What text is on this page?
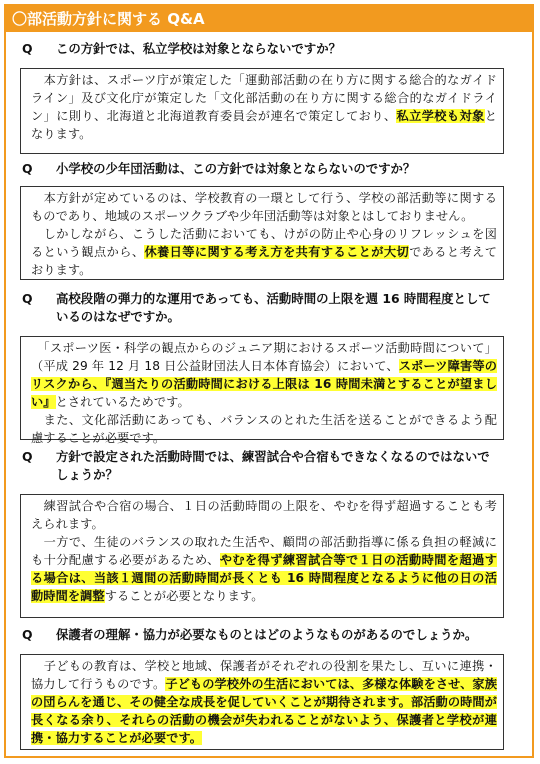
〇部活動方針に関する Q&A
Q	この方針では、私立学校は対象とならないですか？

　本方針は、スポーツ庁が策定した「運動部活動の在り方に関する総合的なガイドライン」及び文化庁が策定した「文化部活動の在り方に関する総合的なガイドライン」に則り、北海道と北海道教育委員会が連名で策定しており、私立学校も対象となります。

Q	小学校の少年団活動は、この方針では対象とならないのですか？

　本方針が定めているのは、学校教育の一環として行う、学校の部活動等に関するものであり、地域のスポーツクラブや少年団活動等は対象とはしておりません。

　しかしながら、こうした活動においても、けがの防止や心身のリフレッシュを図るという観点から、休養日等に関する考え方を共有することが大切であると考えております。

Q	高校段階の弾力的な運用であっても、活動時間の上限を週 16 時間程度としているのはなぜですか。

　「スポーツ医・科学の観点からのジュニア期におけるスポーツ活動時間について」（平成 29 年 12 月 18 日公益財団法人日本体育協会）において、スポーツ障害等のリスクから、『週当たりの活動時間における上限は 16 時間未満とすることが望ましい』とされているためです。

　また、文化部活動にあっても、バランスのとれた生活を送ることができるよう配慮することが必要です。

Q	方針で設定された活動時間では、練習試合や合宿もできなくなるのではないでしょうか？

　練習試合や合宿の場合、１日の活動時間の上限を、やむを得ず超過することも考えられます。

　一方で、生徒のバランスの取れた生活や、顧問の部活動指導に係る負担の軽減にも十分配慮する必要があるため、やむを得ず練習試合等で１日の活動時間を超過する場合は、当該１週間の活動時間が長くとも 16 時間程度となるように他の日の活動時間を調整することが必要となります。

Q	保護者の理解・協力が必要なものとはどのようなものがあるのでしょうか。

　子どもの教育は、学校と地域、保護者がそれぞれの役割を果たし、互いに連携・協力して行うものです。子どもの学校外の生活においては、多様な体験をさせ、家族の団らんを通じ、その健全な成長を促していくことが期待されます。部活動の時間が長くなる余り、それらの活動の機会が失われることがないよう、保護者と学校が連携・協力することが必要です。
